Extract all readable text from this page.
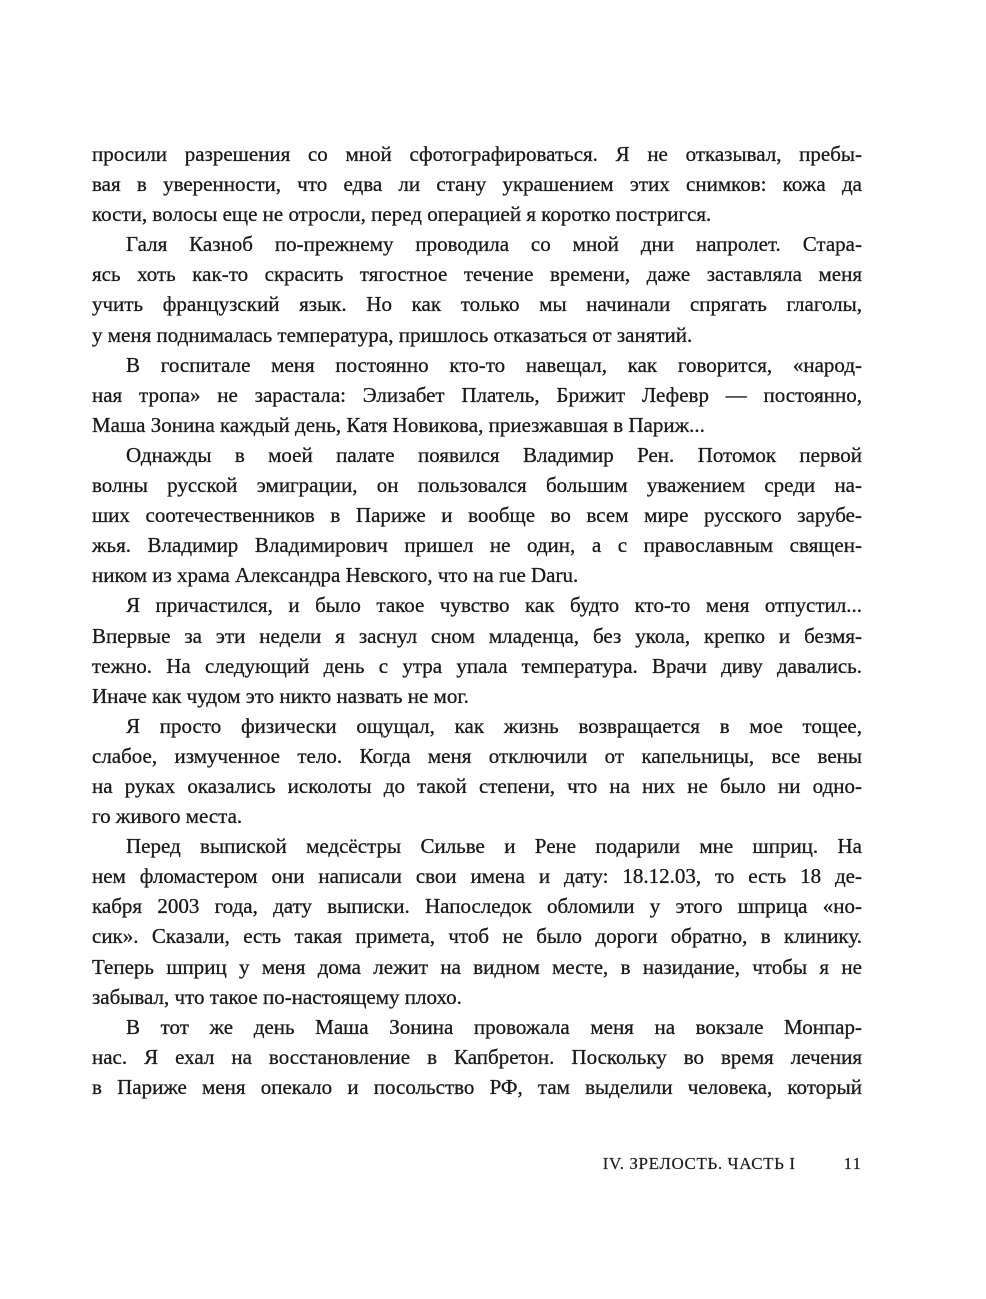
просили разрешения со мной сфотографироваться. Я не отказывал, пребы-
вая в уверенности, что едва ли стану украшением этих снимков: кожа да
кости, волосы еще не отросли, перед операцией я коротко постригся.
Галя Казноб по-прежнему проводила со мной дни напролет. Стара-
ясь хоть как-то скрасить тягостное течение времени, даже заставляла меня
учить французский язык. Но как только мы начинали спрягать глаголы,
у меня поднималась температура, пришлось отказаться от занятий.
В госпитале меня постоянно кто-то навещал, как говорится, «народ-
ная тропа» не зарастала: Элизабет Платель, Брижит Лефевр — постоянно,
Маша Зонина каждый день, Катя Новикова, приезжавшая в Париж...
Однажды в моей палате появился Владимир Рен. Потомок первой
волны русской эмиграции, он пользовался большим уважением среди на-
ших соотечественников в Париже и вообще во всем мире русского зарубе-
жья. Владимир Владимирович пришел не один, а с православным священ-
ником из храма Александра Невского, что на rue Daru.
Я причастился, и было такое чувство как будто кто-то меня отпустил...
Впервые за эти недели я заснул сном младенца, без укола, крепко и безмя-
тежно. На следующий день с утра упала температура. Врачи диву давались.
Иначе как чудом это никто назвать не мог.
Я просто физически ощущал, как жизнь возвращается в мое тощее,
слабое, измученное тело. Когда меня отключили от капельницы, все вены
на руках оказались исколоты до такой степени, что на них не было ни одно-
го живого места.
Перед выпиской медсёстры Сильве и Рене подарили мне шприц. На
нем фломастером они написали свои имена и дату: 18.12.03, то есть 18 де-
кабря 2003 года, дату выписки. Напоследок обломили у этого шприца «но-
сик». Сказали, есть такая примета, чтоб не было дороги обратно, в клинику.
Теперь шприц у меня дома лежит на видном месте, в назидание, чтобы я не
забывал, что такое по-настоящему плохо.
В тот же день Маша Зонина провожала меня на вокзале Монпар-
нас. Я ехал на восстановление в Капбретон. Поскольку во время лечения
в Париже меня опекало и посольство РФ, там выделили человека, который
IV. ЗРЕЛОСТЬ. ЧАСТЬ I	11
